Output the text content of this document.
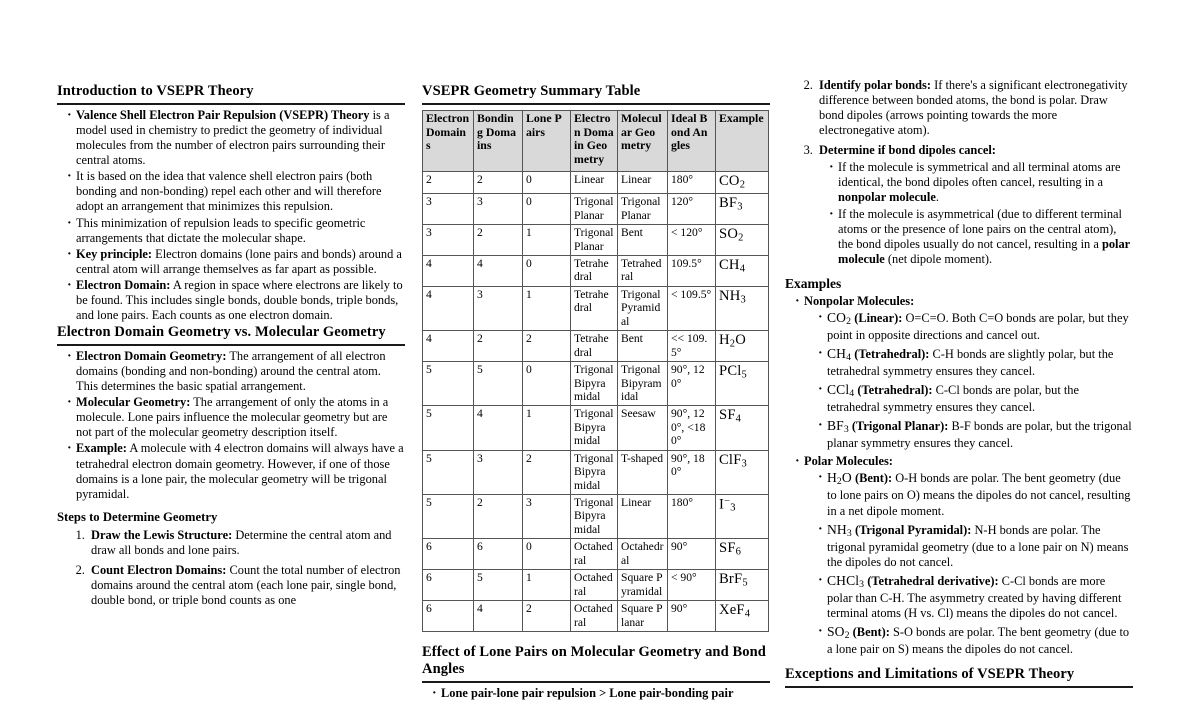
Introduction to VSEPR Theory
· Valence Shell Electron Pair Repulsion (VSEPR) Theory is a model used in chemistry to predict the geometry of individual molecules from the number of electron pairs surrounding their central atoms.
· It is based on the idea that valence shell electron pairs (both bonding and non-bonding) repel each other and will therefore adopt an arrangement that minimizes this repulsion.
· This minimization of repulsion leads to specific geometric arrangements that dictate the molecular shape.
· Key principle: Electron domains (lone pairs and bonds) around a central atom will arrange themselves as far apart as possible.
· Electron Domain: A region in space where electrons are likely to be found. This includes single bonds, double bonds, triple bonds, and lone pairs. Each counts as one electron domain.
Electron Domain Geometry vs. Molecular Geometry
· Electron Domain Geometry: The arrangement of all electron domains (bonding and non-bonding) around the central atom. This determines the basic spatial arrangement.
· Molecular Geometry: The arrangement of only the atoms in a molecule. Lone pairs influence the molecular geometry but are not part of the molecular geometry description itself.
· Example: A molecule with 4 electron domains will always have a tetrahedral electron domain geometry. However, if one of those domains is a lone pair, the molecular geometry will be trigonal pyramidal.
Steps to Determine Geometry
1. Draw the Lewis Structure: Determine the central atom and draw all bonds and lone pairs.
2. Count Electron Domains: Count the total number of electron domains around the central atom (each lone pair, single bond, double bond, or triple bond counts as one
VSEPR Geometry Summary Table
Electron Domains	Bonding Domains	Lone Pairs	Electron Domain Geometry	Molecular Geometry	Ideal Bond Angles	Example
2	2	0	Linear	Linear	180°	$CO_2$
3	3	0	Trigonal Planar	Trigonal Planar	120°	$BF_3$
3	2	1	Trigonal Planar	Bent	< 120°	$SO_2$
4	4	0	Tetrahedral	Tetrahedral	109.5°	$CH_4$
4	3	1	Tetrahedral	Trigonal Pyramidal	< 109.5°	$NH_3$
4	2	2	Tetrahedral	Bent	<< 109.5°	$H_2O$
5	5	0	Trigonal Bipyramidal	Trigonal Bipyramidal	90°, 120°	PCl$_5$
5	4	1	Trigonal Bipyramidal	Seesaw	90°, 120°, <180°	$SF_4$
5	3	2	Trigonal Bipyramidal	T-shaped	90°, 180°	ClF$_3$
5	2	3	Trigonal Bipyramidal	Linear	180°	$I^-_3$
6	6	0	Octahedral	Octahedral	90°	$SF_6$
6	5	1	Octahedral	Square Pyramidal	< 90°	BrF$_5$
6	4	2	Octahedral	Square Planar	90°	XeF$_4$
Effect of Lone Pairs on Molecular Geometry and Bond Angles
· Lone pair-lone pair repulsion > Lone pair-bonding pair
2. Identify polar bonds: If there's a significant electronegativity difference between bonded atoms, the bond is polar. Draw bond dipoles (arrows pointing towards the more electronegative atom).
3. Determine if bond dipoles cancel:
· If the molecule is symmetrical and all terminal atoms are identical, the bond dipoles often cancel, resulting in a nonpolar molecule.
· If the molecule is asymmetrical (due to different terminal atoms or the presence of lone pairs on the central atom), the bond dipoles usually do not cancel, resulting in a polar molecule (net dipole moment).
Examples
· Nonpolar Molecules:
· $CO_2$ (Linear): O=C=O. Both C=O bonds are polar, but they point in opposite directions and cancel out.
· $CH_4$ (Tetrahedral): C-H bonds are slightly polar, but the tetrahedral symmetry ensures they cancel.
· CCl$_4$ (Tetrahedral): C-Cl bonds are polar, but the tetrahedral symmetry ensures they cancel.
· $BF_3$ (Trigonal Planar): B-F bonds are polar, but the trigonal planar symmetry ensures they cancel.
· Polar Molecules:
· $H_2O$ (Bent): O-H bonds are polar. The bent geometry (due to lone pairs on O) means the dipoles do not cancel, resulting in a net dipole moment.
· $NH_3$ (Trigonal Pyramidal): N-H bonds are polar. The trigonal pyramidal geometry (due to a lone pair on N) means the dipoles do not cancel.
· CHCl$_3$ (Tetrahedral derivative): C-Cl bonds are more polar than C-H. The asymmetry created by having different terminal atoms (H vs. Cl) means the dipoles do not cancel.
· $SO_2$ (Bent): S-O bonds are polar. The bent geometry (due to a lone pair on S) means the dipoles do not cancel.
Exceptions and Limitations of VSEPR Theory
